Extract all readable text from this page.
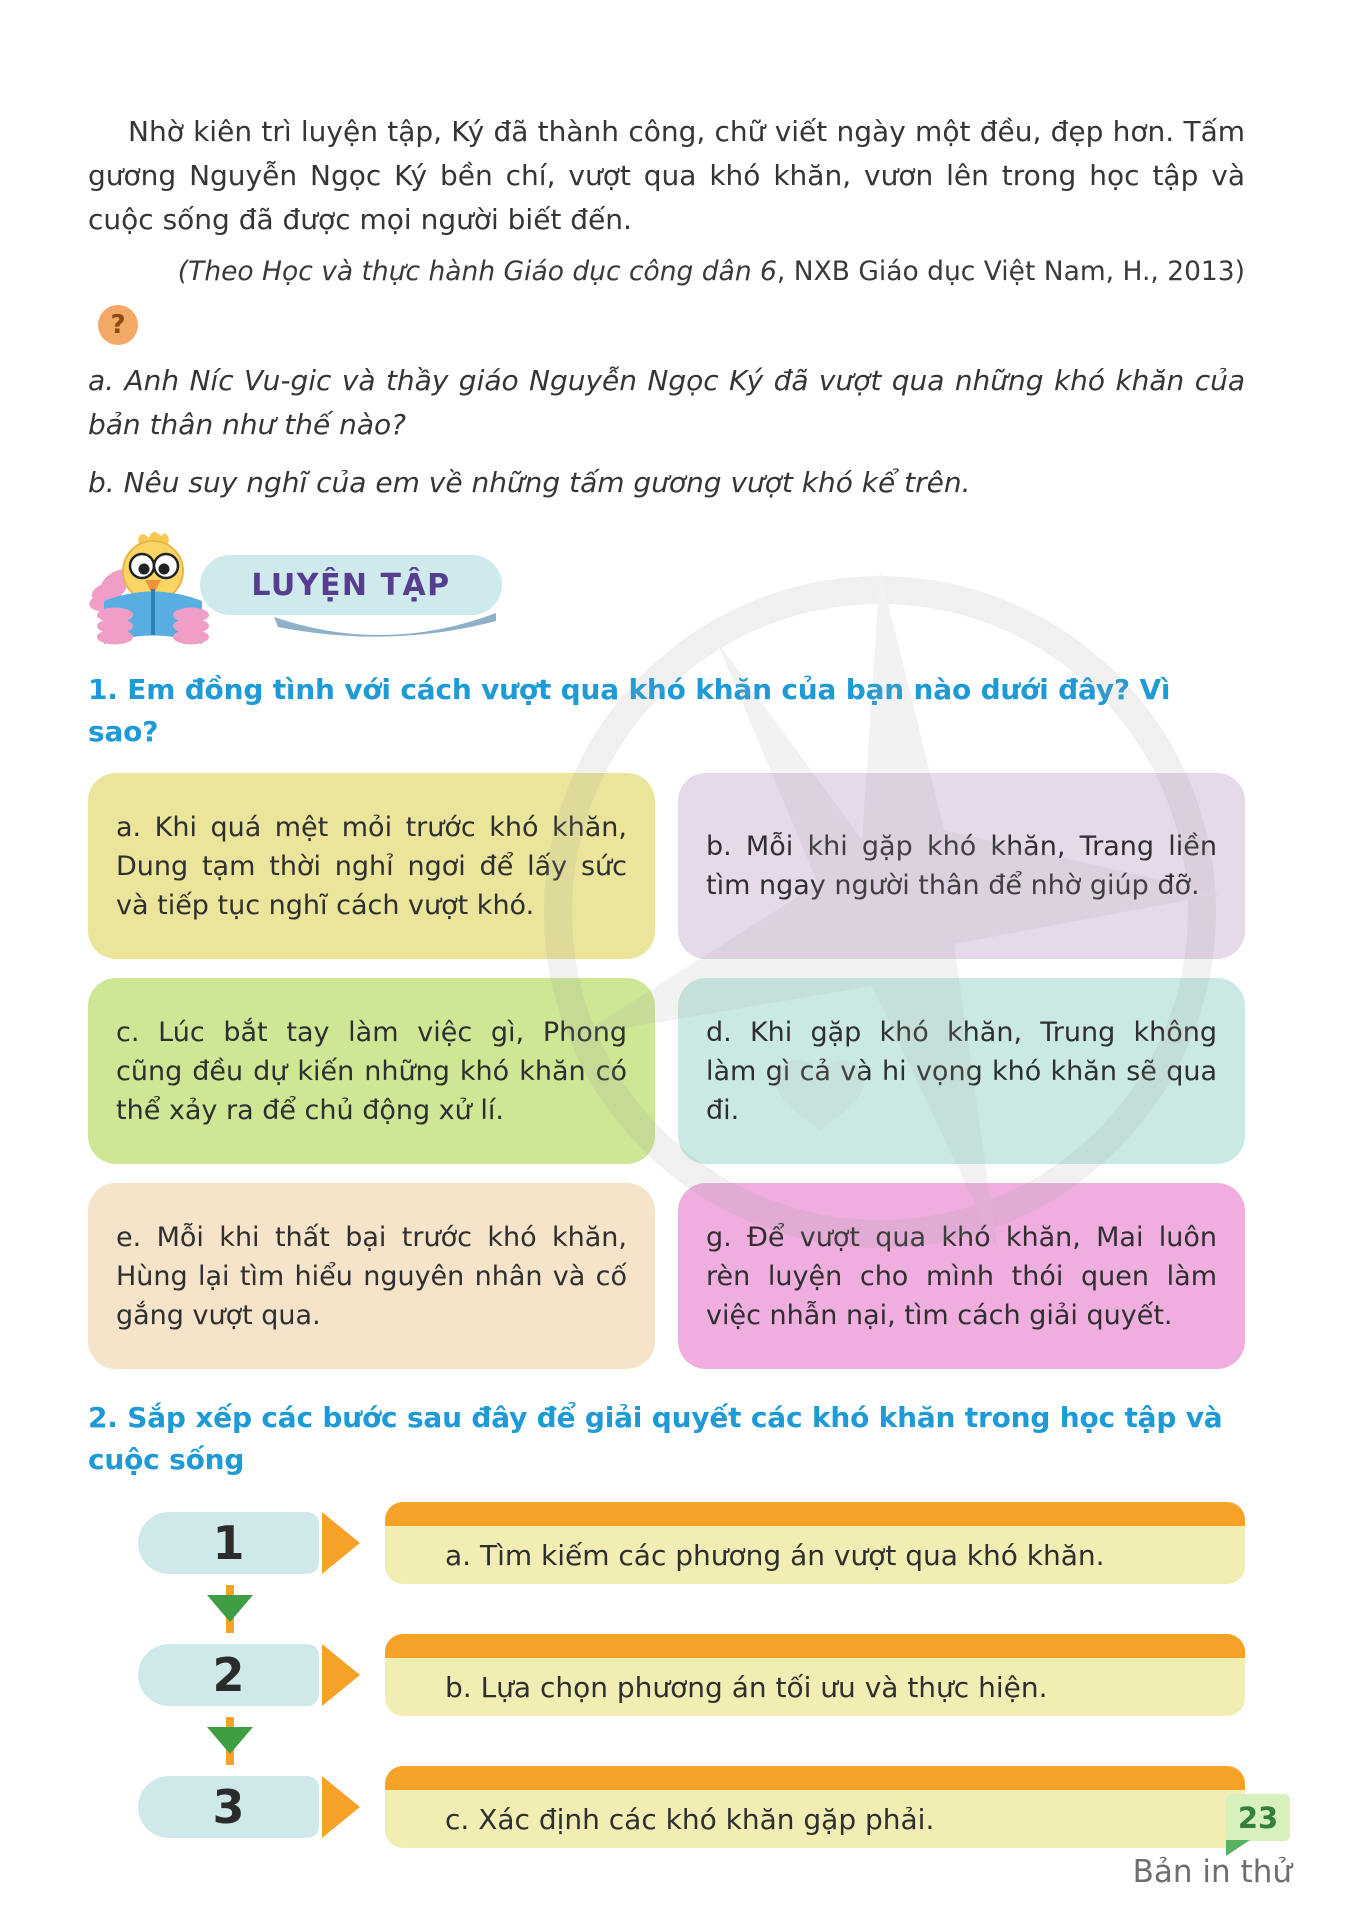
Nhờ kiên trì luyện tập, Ký đã thành công, chữ viết ngày một đều, đẹp hơn. Tấm gương Nguyễn Ngọc Ký bền chí, vượt qua khó khăn, vươn lên trong học tập và cuộc sống đã được mọi người biết đến.

(Theo Học và thực hành Giáo dục công dân 6, NXB Giáo dục Việt Nam, H., 2013)

?

a. Anh Níc Vu-gic và thầy giáo Nguyễn Ngọc Ký đã vượt qua những khó khăn của bản thân như thế nào?

b. Nêu suy nghĩ của em về những tấm gương vượt khó kể trên.

LUYỆN TẬP
1. Em đồng tình với cách vượt qua khó khăn của bạn nào dưới đây? Vì sao?

a. Khi quá mệt mỏi trước khó khăn, Dung tạm thời nghỉ ngơi để lấy sức và tiếp tục nghĩ cách vượt khó.

b. Mỗi khi gặp khó khăn, Trang liền tìm ngay người thân để nhờ giúp đỡ.

c. Lúc bắt tay làm việc gì, Phong cũng đều dự kiến những khó khăn có thể xảy ra để chủ động xử lí.

d. Khi gặp khó khăn, Trung không làm gì cả và hi vọng khó khăn sẽ qua đi.

e. Mỗi khi thất bại trước khó khăn, Hùng lại tìm hiểu nguyên nhân và cố gắng vượt qua.

g. Để vượt qua khó khăn, Mai luôn rèn luyện cho mình thói quen làm việc nhẫn nại, tìm cách giải quyết.

2. Sắp xếp các bước sau đây để giải quyết các khó khăn trong học tập và cuộc sống
1	a. Tìm kiếm các phương án vượt qua khó khăn.
2	b. Lựa chọn phương án tối ưu và thực hiện.
3	c. Xác định các khó khăn gặp phải.	23
Bản in thử
